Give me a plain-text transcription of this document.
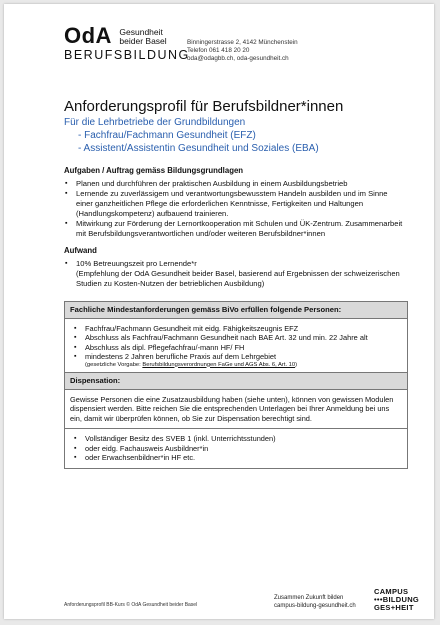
OdA Gesundheit
beider Basel
BERUFSBILDUNG
Binningerstrasse 2, 4142 Münchenstein
Telefon 061 418 20 20
oda@odagbb.ch, oda-gesundheit.ch
Anforderungsprofil für Berufsbildner*innen
Für die Lehrbetriebe der Grundbildungen
- Fachfrau/Fachmann Gesundheit (EFZ)
- Assistent/Assistentin Gesundheit und Soziales (EBA)
Aufgaben / Auftrag gemäss Bildungsgrundlagen
▪ Planen und durchführen der praktischen Ausbildung in einem Ausbildungsbetrieb
▪ Lernende zu zuverlässigem und verantwortungsbewusstem Handeln ausbilden und im Sinne einer ganzheitlichen Pflege die erforderlichen Kenntnisse, Fertigkeiten und Haltungen (Handlungskompetenz) aufbauend trainieren.
▪ Mitwirkung zur Förderung der Lernortkooperation mit Schulen und ÜK-Zentrum. Zusammenarbeit mit Berufsbildungsverantwortlichen und/oder weiteren Berufsbildner*innen
Aufwand
▪ 10% Betreuungszeit pro Lernende*r
(Empfehlung der OdA Gesundheit beider Basel, basierend auf Ergebnissen der schweizerischen Studien zu Kosten-Nutzen der betrieblichen Ausbildung)
Fachliche Mindestanforderungen gemäss BiVo erfüllen folgende Personen:
▪ Fachfrau/Fachmann Gesundheit mit eidg. Fähigkeitszeugnis EFZ
▪ Abschluss als Fachfrau/Fachmann Gesundheit nach BAE Art. 32 und min. 22 Jahre alt
▪ Abschluss als dipl. Pflegefachfrau/-mann HF/ FH
▪ mindestens 2 Jahren berufliche Praxis auf dem Lehrgebiet
(gesetzliche Vorgabe: Berufsbildungsverordnungen FaGe und AGS Abs. 6, Art. 10)
Dispensation:
Gewisse Personen die eine Zusatzausbildung haben (siehe unten), können von gewissen Modulen dispensiert werden. Bitte reichen Sie die entsprechenden Unterlagen bei Ihrer Anmeldung bei uns ein, damit wir überprüfen können, ob Sie zur Dispensation berechtigt sind.
▪ Vollständiger Besitz des SVEB 1 (inkl. Unterrichtsstunden)
▪ oder eidg. Fachausweis Ausbildner*in
▪ oder Erwachsenbildner*in HF etc.
Anforderungsprofil BB-Kurs © OdA Gesundheit beider Basel
Zusammen Zukunft bilden
campus-bildung-gesundheit.ch
CAMPUS
•••BILDUNG
GES+HEIT
